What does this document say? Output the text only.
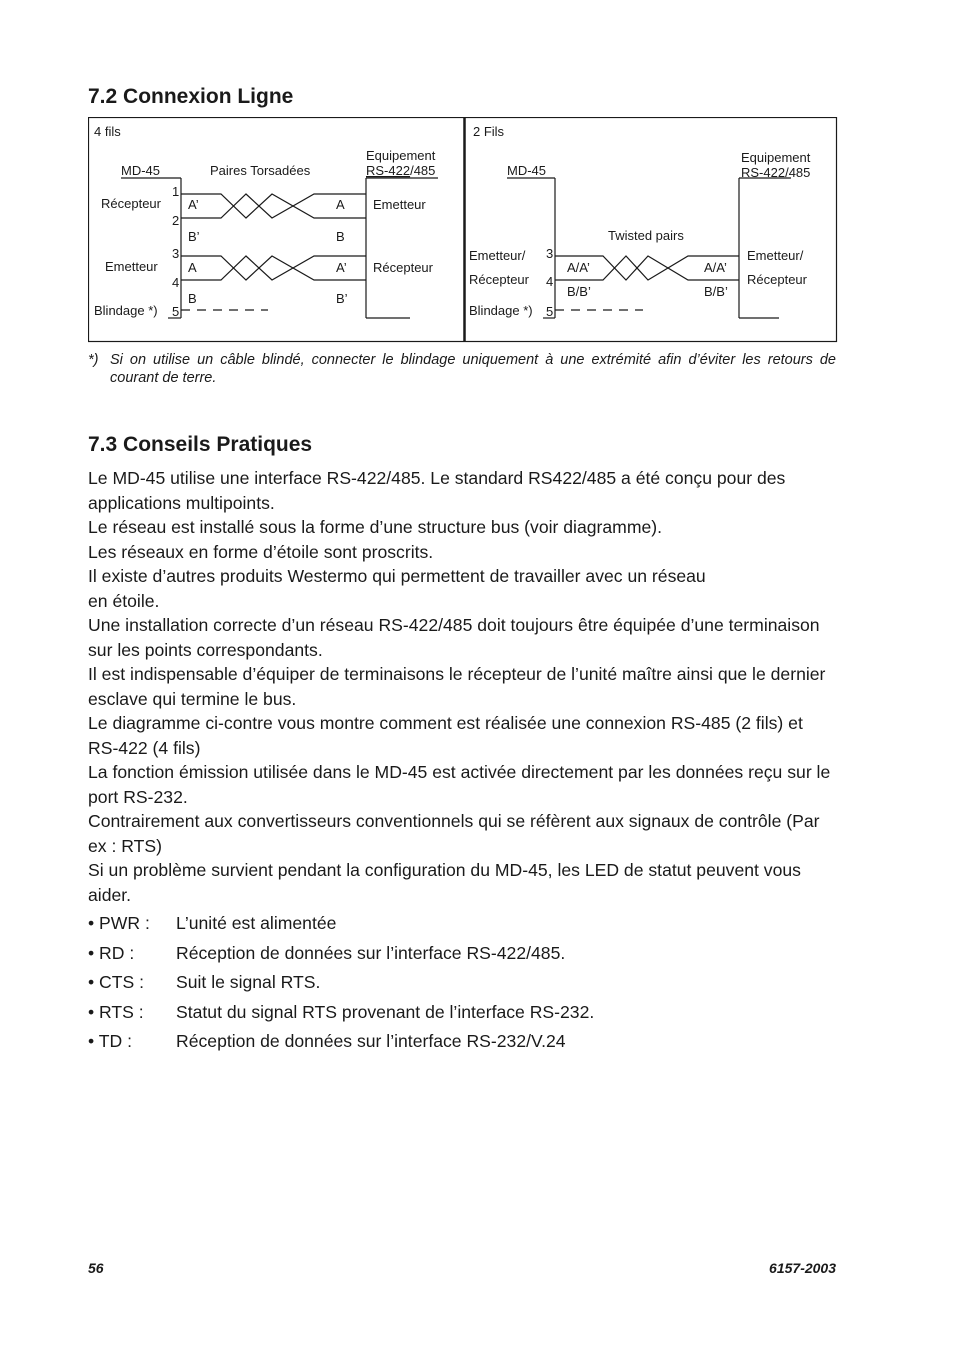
7.2 Connexion Ligne
4 fils
MD-45	Paires Torsadées
Equipement
RS-422/485
Récepteur
Emetteur
Blindage *)
1
2
3
4
5
A’
B’
A
B
A
B
A’
B’
Emetteur
Récepteur
2 Fils
MD-45
Twisted pairs
Equipement
RS-422/485
Emetteur/
Récepteur
Blindage *)
3
4
5
A/A’
B/B’
A/A’
B/B’
Emetteur/
Récepteur
*) Si on utilise un câble blindé, connecter le blindage uniquement à une extrémité afin d’éviter les retours de courant de terre.
7.3 Conseils Pratiques

Le MD-45 utilise une interface RS-422/485. Le standard RS422/485 a été conçu pour des applications multipoints.

Le réseau est installé sous la forme d’une structure bus (voir diagramme).

Les réseaux en forme d’étoile sont proscrits.

Il existe d’autres produits Westermo qui permettent de travailler avec un réseau

en étoile.

Une installation correcte d’un réseau RS-422/485 doit toujours être équipée d’une terminaison sur les points correspondants.

Il est indispensable d’équiper de terminaisons le récepteur de l’unité maître ainsi que le dernier esclave qui termine le bus.

Le diagramme ci-contre vous montre comment est réalisée une connexion RS-485 (2 fils) et RS-422 (4 fils)

La fonction émission utilisée dans le MD-45 est activée directement par les données reçu sur le port RS-232.

Contrairement aux convertisseurs conventionnels qui se réfèrent aux signaux de contrôle (Par ex : RTS)

Si un problème survient pendant la configuration du MD-45, les LED de statut peuvent vous aider.

• PWR : L’unité est alimentée
• RD : Réception de données sur l’interface RS-422/485.
• CTS : Suit le signal RTS.
• RTS : Statut du signal RTS provenant de l’interface RS-232.
• TD :	Réception de données sur l’interface RS-232/V.24
56	6157-2003
